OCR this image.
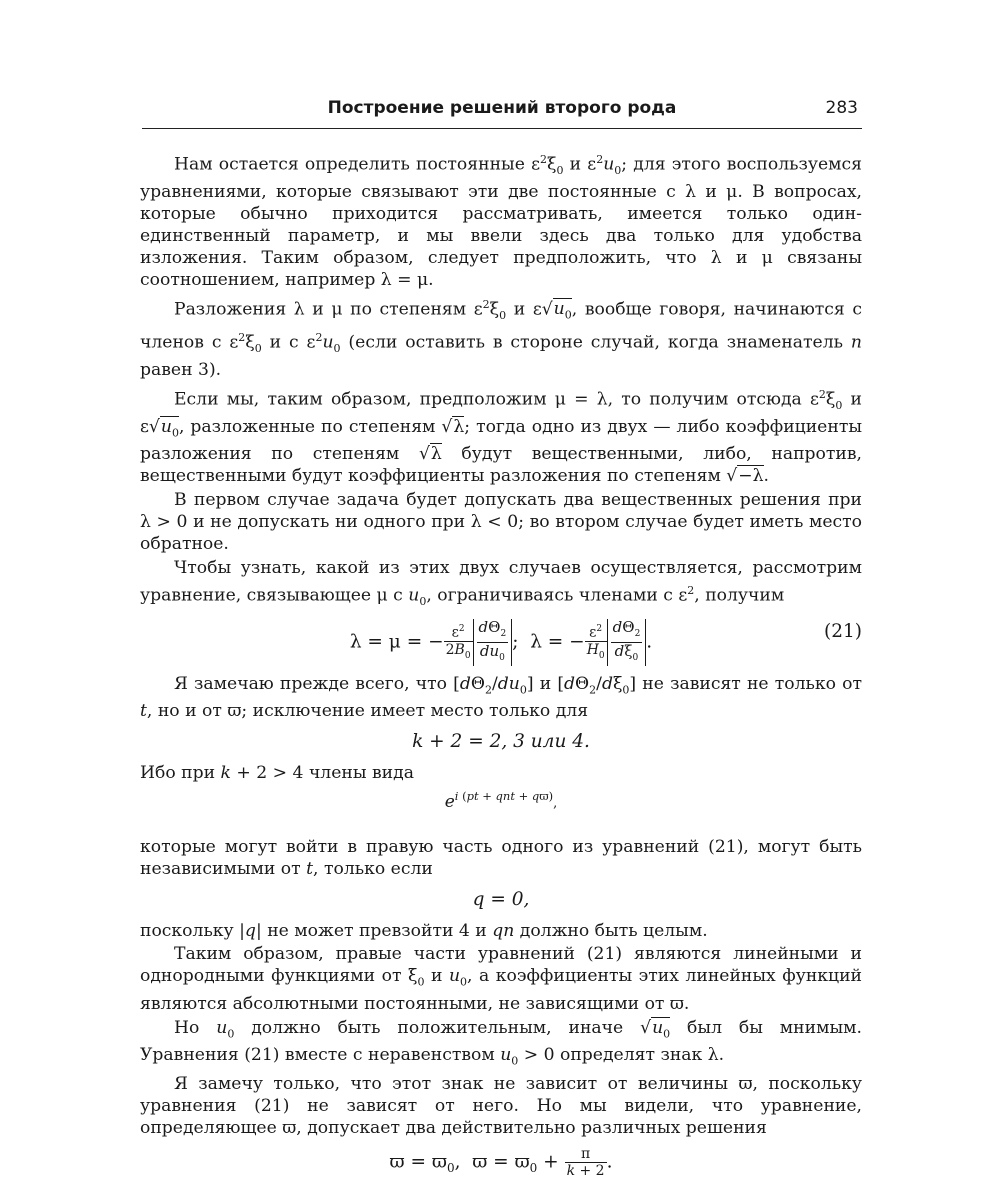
Построение решений второго рода	283

Нам остается определить постоянные $\varepsilon^2\xi_0$ и $\varepsilon^2u_0$; для этого воспользуемся уравнениями, которые связывают эти две постоянные с λ и μ. В вопросах, которые обычно приходится рассматривать, имеется только один-единственный параметр, и мы ввели здесь два только для удобства изложения. Таким образом, следует предположить, что λ и μ связаны соотношением, например λ = μ.

Разложения λ и μ по степеням $\varepsilon^2\xi_0$ и $\varepsilon√u_0$, вообще говоря, начинаются с членов с $\varepsilon^2\xi_0$ и с $\varepsilon^2u_0$ (если оставить в стороне случай, когда знаменатель n равен 3).

Если мы, таким образом, предположим μ = λ, то получим отсюда $\varepsilon^2\xi_0$ и $\varepsilon√u_0$, разложенные по степеням √λ; тогда одно из двух — либо коэффициенты разложения по степеням √λ будут вещественными, либо, напротив, вещественными будут коэффициенты разложения по степеням √−λ.

В первом случае задача будет допускать два вещественных решения при λ > 0 и не допускать ни одного при λ < 0; во втором случае будет иметь место обратное.

Чтобы узнать, какой из этих двух случаев осуществляется, рассмотрим уравнение, связывающее μ с $u_0$, ограничиваясь членами с $\varepsilon^2$, получим

λ = μ = − $\frac{\varepsilon^2}{2B_0} \frac{d\Theta_2}{du_0}$ ;  λ = − $\frac{\varepsilon^2}{H_0} \frac{d\Theta_2}{d\xi_0}$ .	(21)

Я замечаю прежде всего, что $[d\Theta_2/du_0]$ и $[d\Theta_2/d\xi_0]$ не зависят не только от t, но и от ϖ; исключение имеет место только для

k + 2 = 2, 3 или 4.

Ибо при k + 2 > 4 члены вида

ei (pt + qnt + qϖ),

которые могут войти в правую часть одного из уравнений (21), могут быть независимыми от t, только если

q = 0,

поскольку |q| не может превзойти 4 и qn должно быть целым.

Таким образом, правые части уравнений (21) являются линейными и однородными функциями от $\xi_0$ и $u_0$, а коэффициенты этих линейных функций являются абсолютными постоянными, не зависящими от ϖ.

Но $u_0$ должно быть положительным, иначе $√u_0$ был бы мнимым. Уравнения (21) вместе с неравенством $u_0 > 0$ определят знак λ.

Я замечу только, что этот знак не зависит от величины ϖ, поскольку уравнения (21) не зависят от него. Но мы видели, что уравнение, определяющее ϖ, допускает два действительно различных решения

$ϖ = ϖ_0$,  $ϖ = ϖ_0 + \frac{\pi}{k + 2}$ .
